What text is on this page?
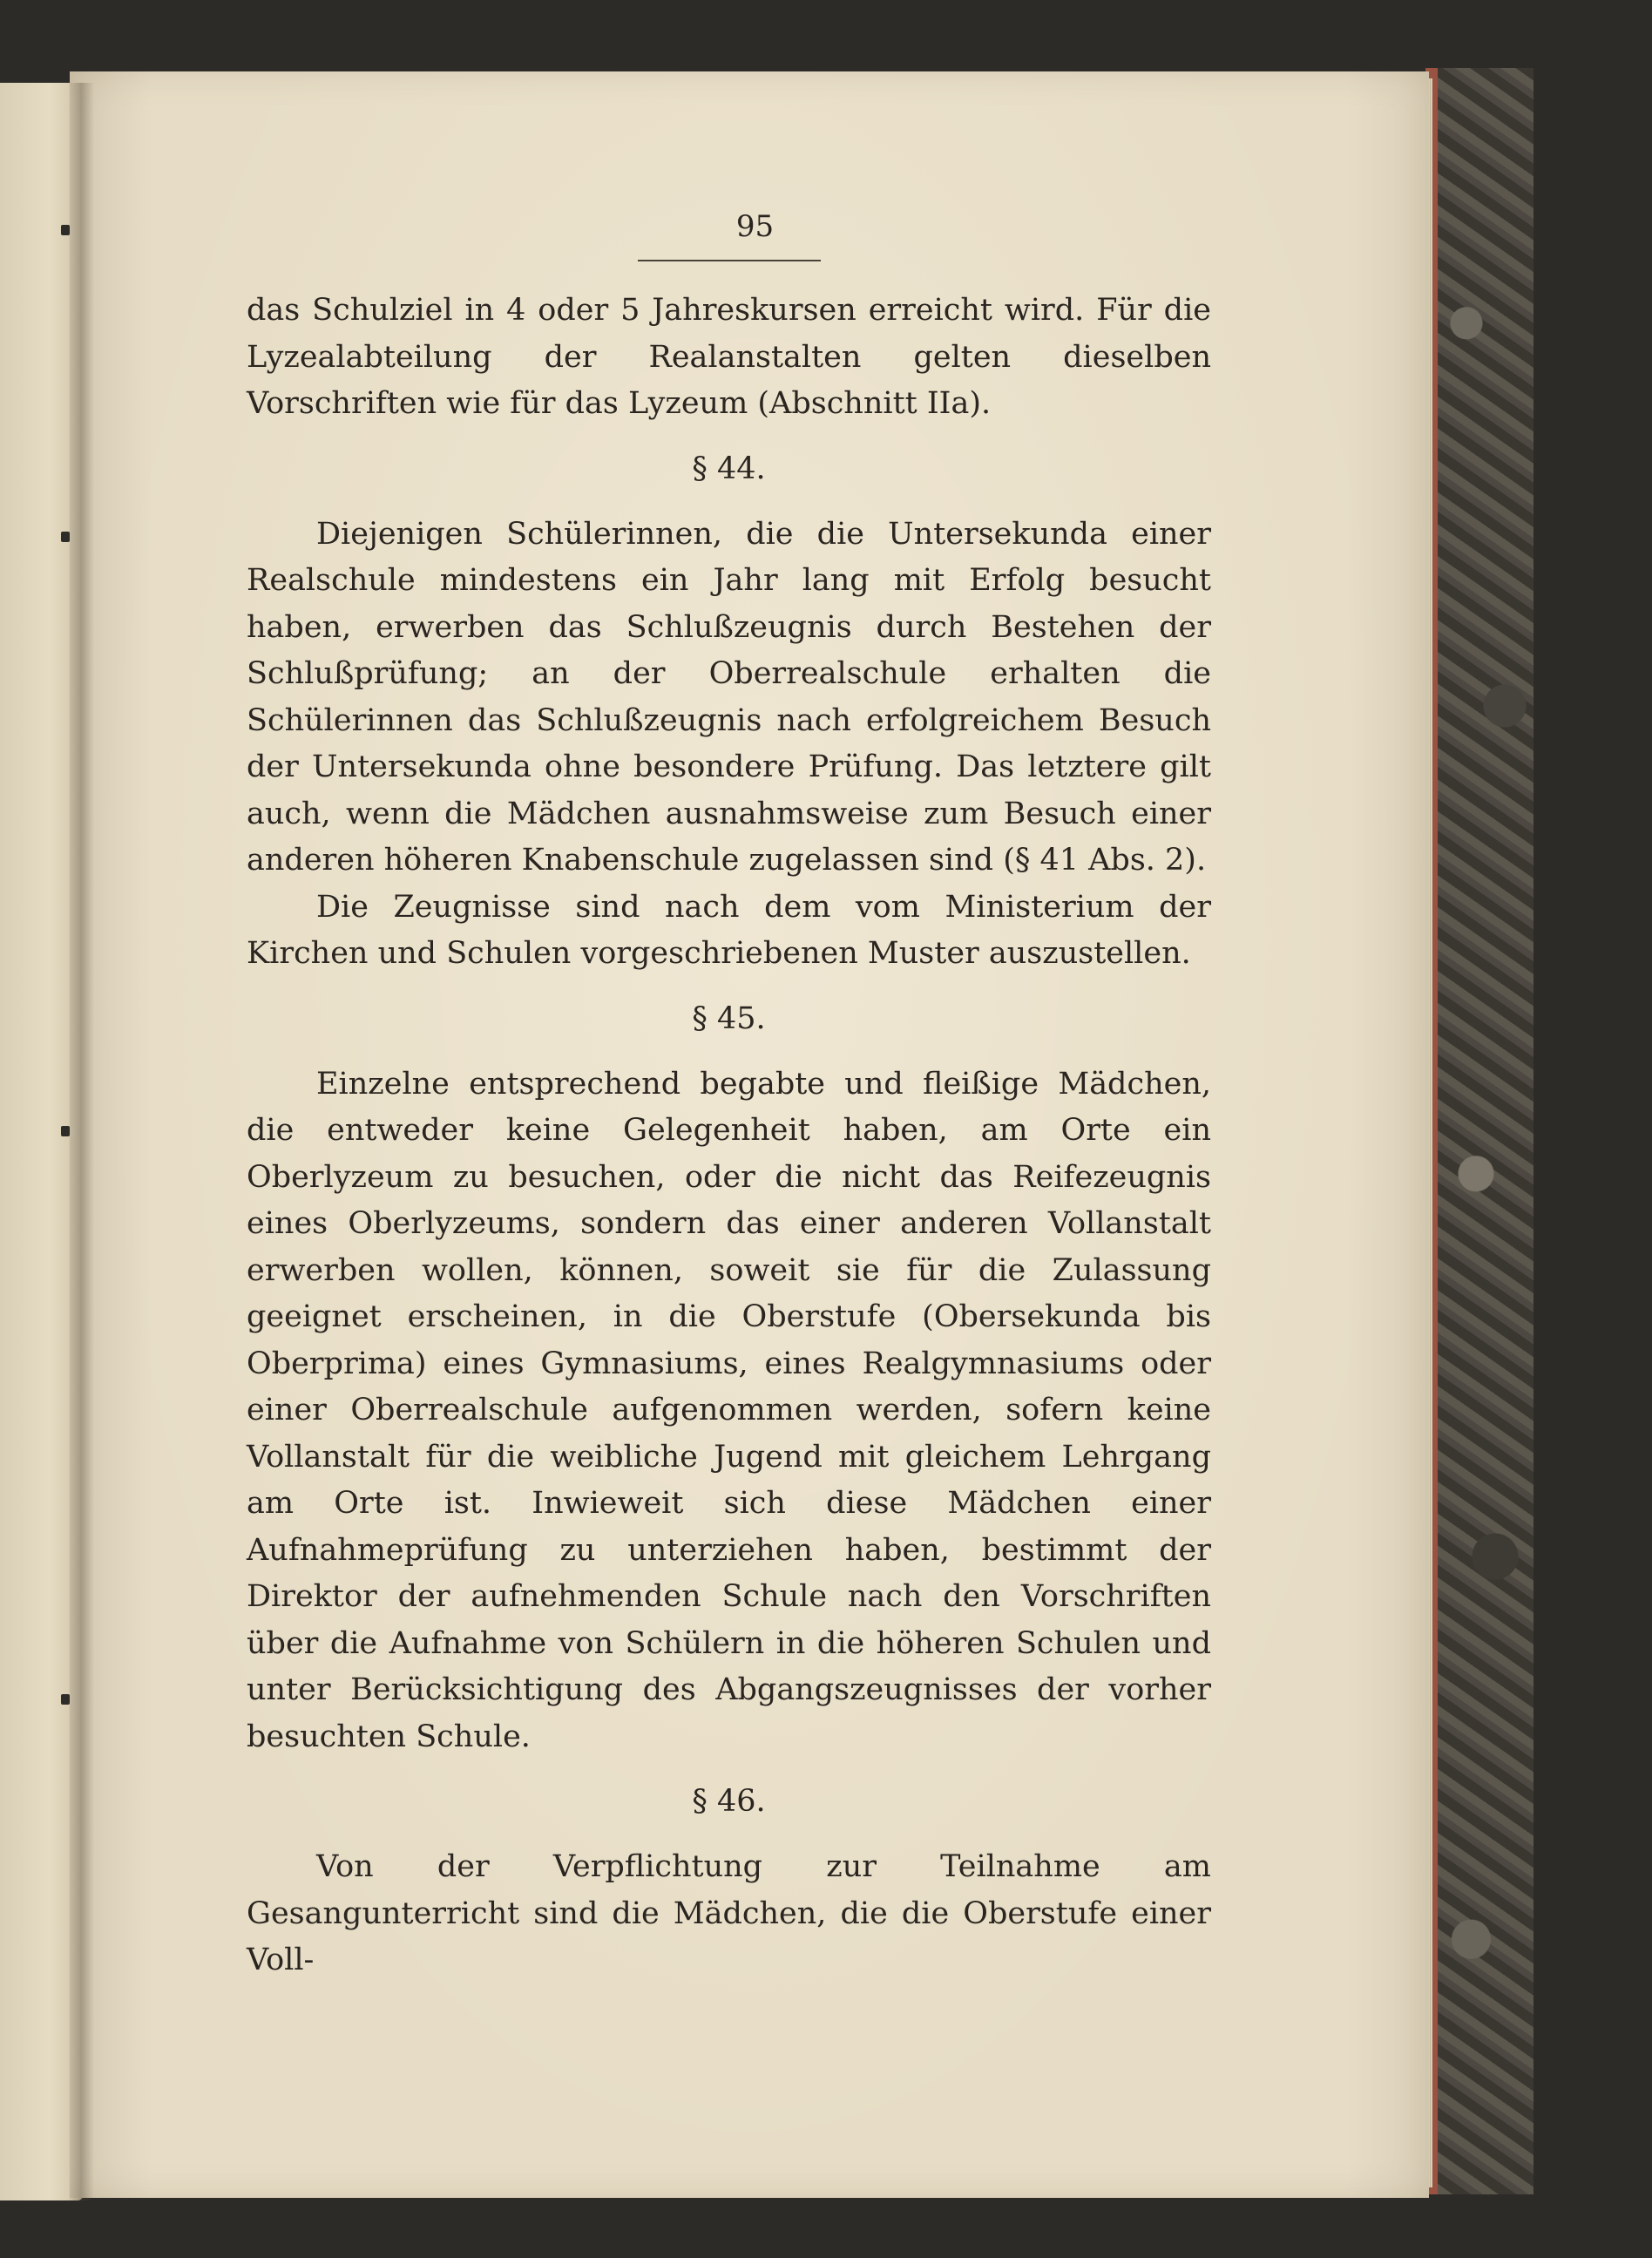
95

das Schulziel in 4 oder 5 Jahreskursen erreicht wird. Für die Lyzealabteilung der Realanstalten gelten dieselben Vorschriften wie für das Lyzeum (Abschnitt IIa).

§ 44.

Diejenigen Schülerinnen, die die Untersekunda einer Realschule mindestens ein Jahr lang mit Erfolg besucht haben, erwerben das Schlußzeugnis durch Bestehen der Schlußprüfung; an der Oberrealschule erhalten die Schülerinnen das Schlußzeugnis nach erfolgreichem Besuch der Untersekunda ohne besondere Prüfung. Das letztere gilt auch, wenn die Mädchen ausnahmsweise zum Besuch einer anderen höheren Knabenschule zugelassen sind (§ 41 Abs. 2).

Die Zeugnisse sind nach dem vom Ministerium der Kirchen und Schulen vorgeschriebenen Muster auszustellen.

§ 45.

Einzelne entsprechend begabte und fleißige Mädchen, die entweder keine Gelegenheit haben, am Orte ein Oberlyzeum zu besuchen, oder die nicht das Reifezeugnis eines Oberlyzeums, sondern das einer anderen Vollanstalt erwerben wollen, können, soweit sie für die Zulassung geeignet erscheinen, in die Oberstufe (Obersekunda bis Oberprima) eines Gymnasiums, eines Realgymnasiums oder einer Oberrealschule aufgenommen werden, sofern keine Vollanstalt für die weibliche Jugend mit gleichem Lehrgang am Orte ist. Inwieweit sich diese Mädchen einer Aufnahmeprüfung zu unterziehen haben, bestimmt der Direktor der aufnehmenden Schule nach den Vorschriften über die Aufnahme von Schülern in die höheren Schulen und unter Berücksichtigung des Abgangszeugnisses der vorher besuchten Schule.

§ 46.

Von der Verpflichtung zur Teilnahme am Gesangunterricht sind die Mädchen, die die Oberstufe einer Voll-
